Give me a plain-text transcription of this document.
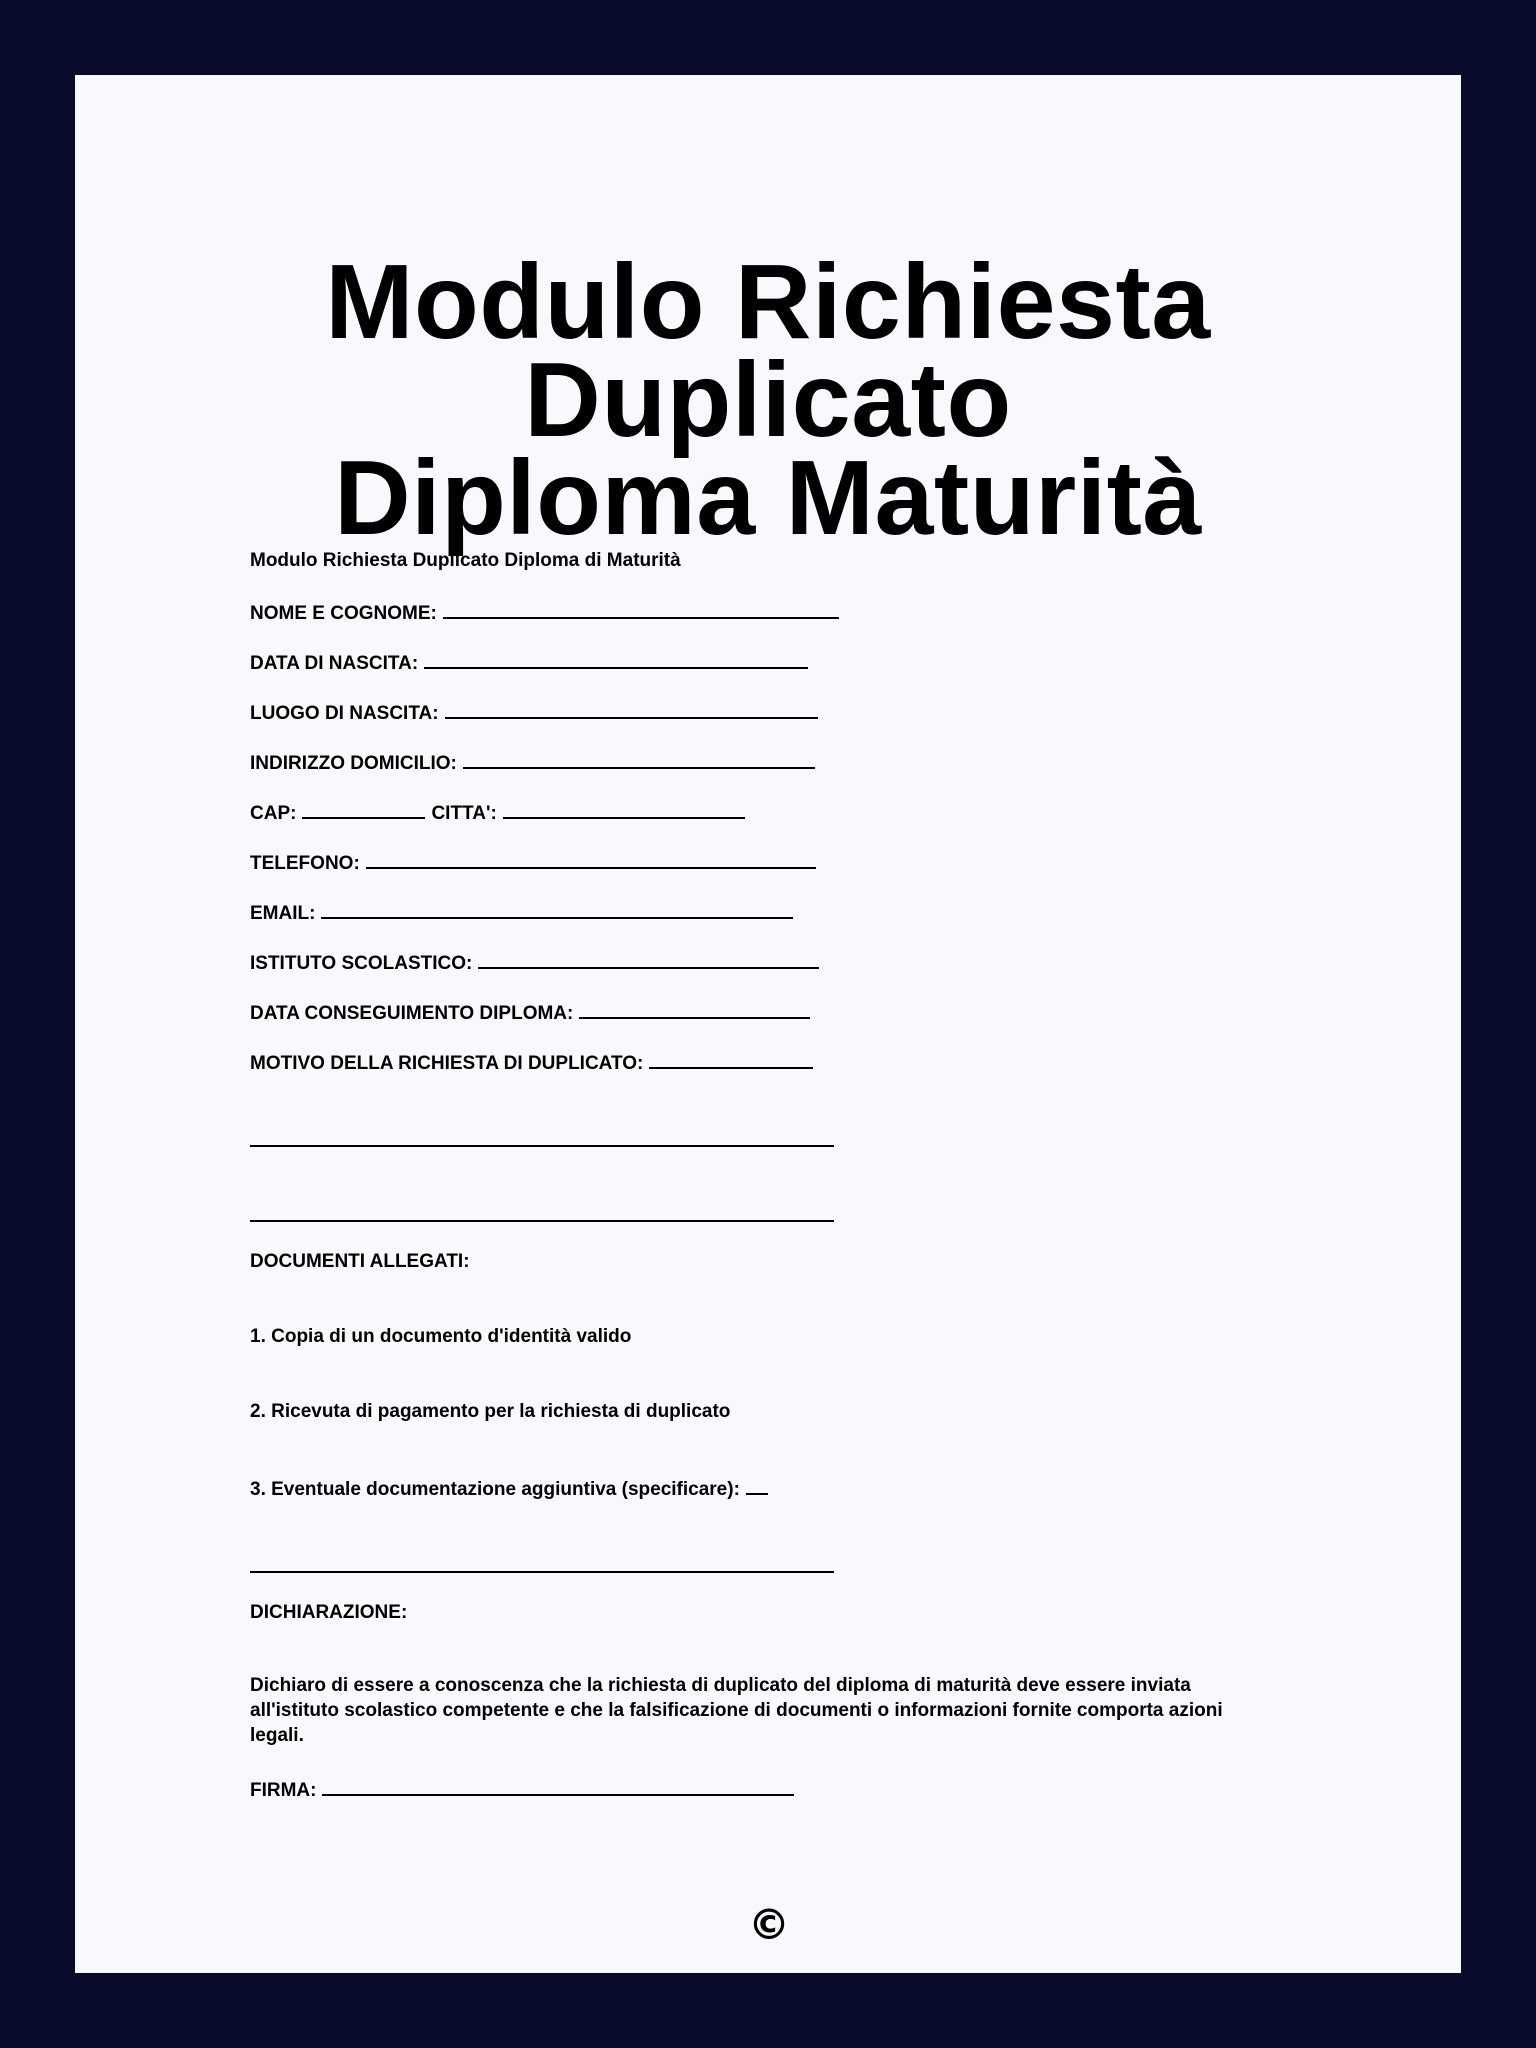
Modulo Richiesta Duplicato
Diploma Maturità
Modulo Richiesta Duplicato Diploma di Maturità
NOME E COGNOME:
DATA DI NASCITA:
LUOGO DI NASCITA:
INDIRIZZO DOMICILIO:
CAP:	CITTA':
TELEFONO:
EMAIL:
ISTITUTO SCOLASTICO:
DATA CONSEGUIMENTO DIPLOMA:
MOTIVO DELLA RICHIESTA DI DUPLICATO:
DOCUMENTI ALLEGATI:
1. Copia di un documento d'identità valido
2. Ricevuta di pagamento per la richiesta di duplicato
3. Eventuale documentazione aggiuntiva (specificare):
DICHIARAZIONE:
Dichiaro di essere a conoscenza che la richiesta di duplicato del diploma di maturità deve essere inviata all'istituto scolastico competente e che la falsificazione di documenti o informazioni fornite comporta azioni legali.
FIRMA:
©
